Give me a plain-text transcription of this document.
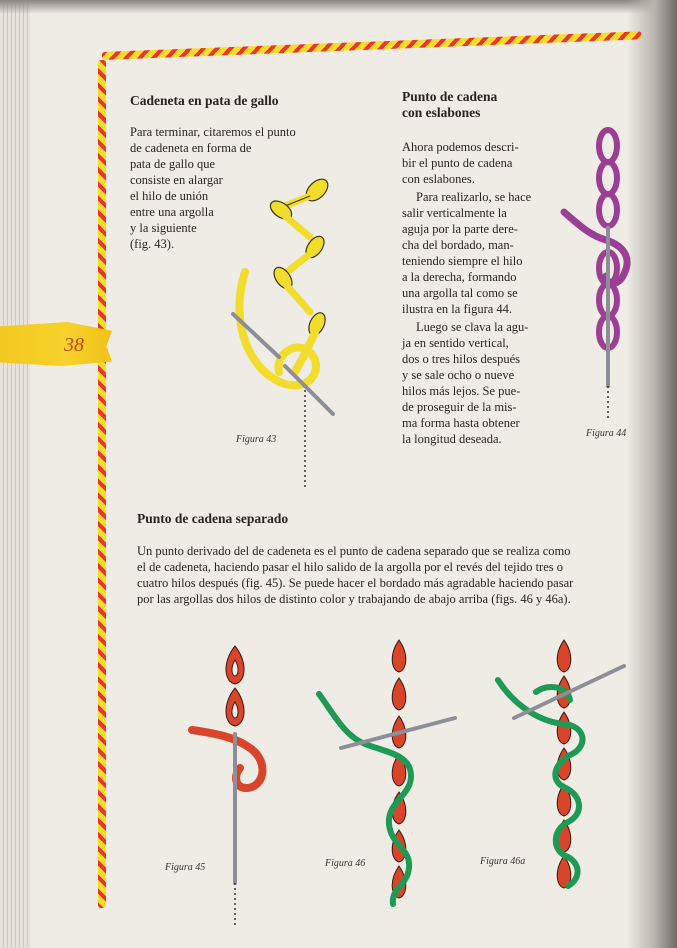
38
Cadeneta en pata de gallo

Para terminar, citaremos el punto

de cadeneta en forma de

pata de gallo que

consiste en alargar

el hilo de unión

entre una argolla

y la siguiente

(fig. 43).

Figura 43
Punto de cadena
con eslabones

Ahora podemos descri-

bir el punto de cadena

con eslabones.

Para realizarlo, se hace

salir verticalmente la

aguja por la parte dere-

cha del bordado, man-

teniendo siempre el hilo

a la derecha, formando

una argolla tal como se

ilustra en la figura 44.

Luego se clava la agu-

ja en sentido vertical,

dos o tres hilos después

y se sale ocho o nueve

hilos más lejos. Se pue-

de proseguir de la mis-

ma forma hasta obtener

la longitud deseada.	Figura 44
Punto de cadena separado

Un punto derivado del de cadeneta es el punto de cadena separado que se realiza como

el de cadeneta, haciendo pasar el hilo salido de la argolla por el revés del tejido tres o

cuatro hilos después (fig. 45). Se puede hacer el bordado más agradable haciendo pasar

por las argollas dos hilos de distinto color y trabajando de abajo arriba (figs. 46 y 46a).

Figura 45	Figura 46	Figura 46a
